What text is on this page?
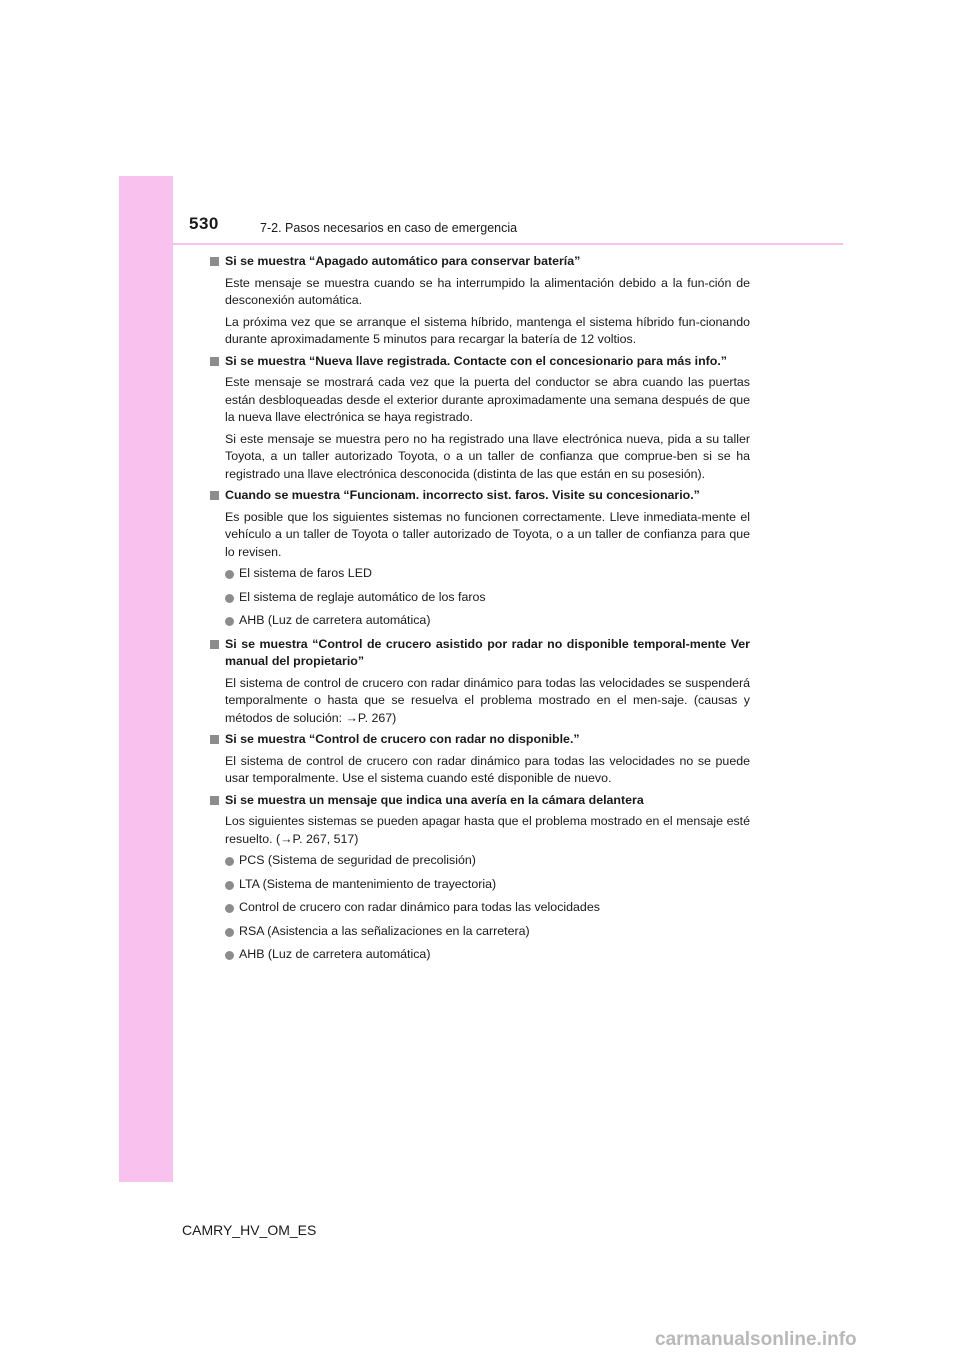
530	7-2. Pasos necesarios en caso de emergencia
Si se muestra “Apagado automático para conservar batería”

Este mensaje se muestra cuando se ha interrumpido la alimentación debido a la fun-ción de desconexión automática.

La próxima vez que se arranque el sistema híbrido, mantenga el sistema híbrido fun-cionando durante aproximadamente 5 minutos para recargar la batería de 12 voltios.

Si se muestra “Nueva llave registrada. Contacte con el concesionario para más info.”

Este mensaje se mostrará cada vez que la puerta del conductor se abra cuando las puertas están desbloqueadas desde el exterior durante aproximadamente una semana después de que la nueva llave electrónica se haya registrado.

Si este mensaje se muestra pero no ha registrado una llave electrónica nueva, pida a su taller Toyota, a un taller autorizado Toyota, o a un taller de confianza que comprue-ben si se ha registrado una llave electrónica desconocida (distinta de las que están en su posesión).

Cuando se muestra “Funcionam. incorrecto sist. faros. Visite su concesionario.”

Es posible que los siguientes sistemas no funcionen correctamente. Lleve inmediata-mente el vehículo a un taller de Toyota o taller autorizado de Toyota, o a un taller de confianza para que lo revisen.

El sistema de faros LED
El sistema de reglaje automático de los faros
AHB (Luz de carretera automática)
Si se muestra “Control de crucero asistido por radar no disponible temporal-mente Ver manual del propietario”

El sistema de control de crucero con radar dinámico para todas las velocidades se suspenderá temporalmente o hasta que se resuelva el problema mostrado en el men-saje. (causas y métodos de solución: →P. 267)

Si se muestra “Control de crucero con radar no disponible.”

El sistema de control de crucero con radar dinámico para todas las velocidades no se puede usar temporalmente. Use el sistema cuando esté disponible de nuevo.

Si se muestra un mensaje que indica una avería en la cámara delantera

Los siguientes sistemas se pueden apagar hasta que el problema mostrado en el mensaje esté resuelto. (→P. 267, 517)

PCS (Sistema de seguridad de precolisión)
LTA (Sistema de mantenimiento de trayectoria)
Control de crucero con radar dinámico para todas las velocidades
RSA (Asistencia a las señalizaciones en la carretera)
AHB (Luz de carretera automática)
CAMRY_HV_OM_ES
carmanualsonline.info
